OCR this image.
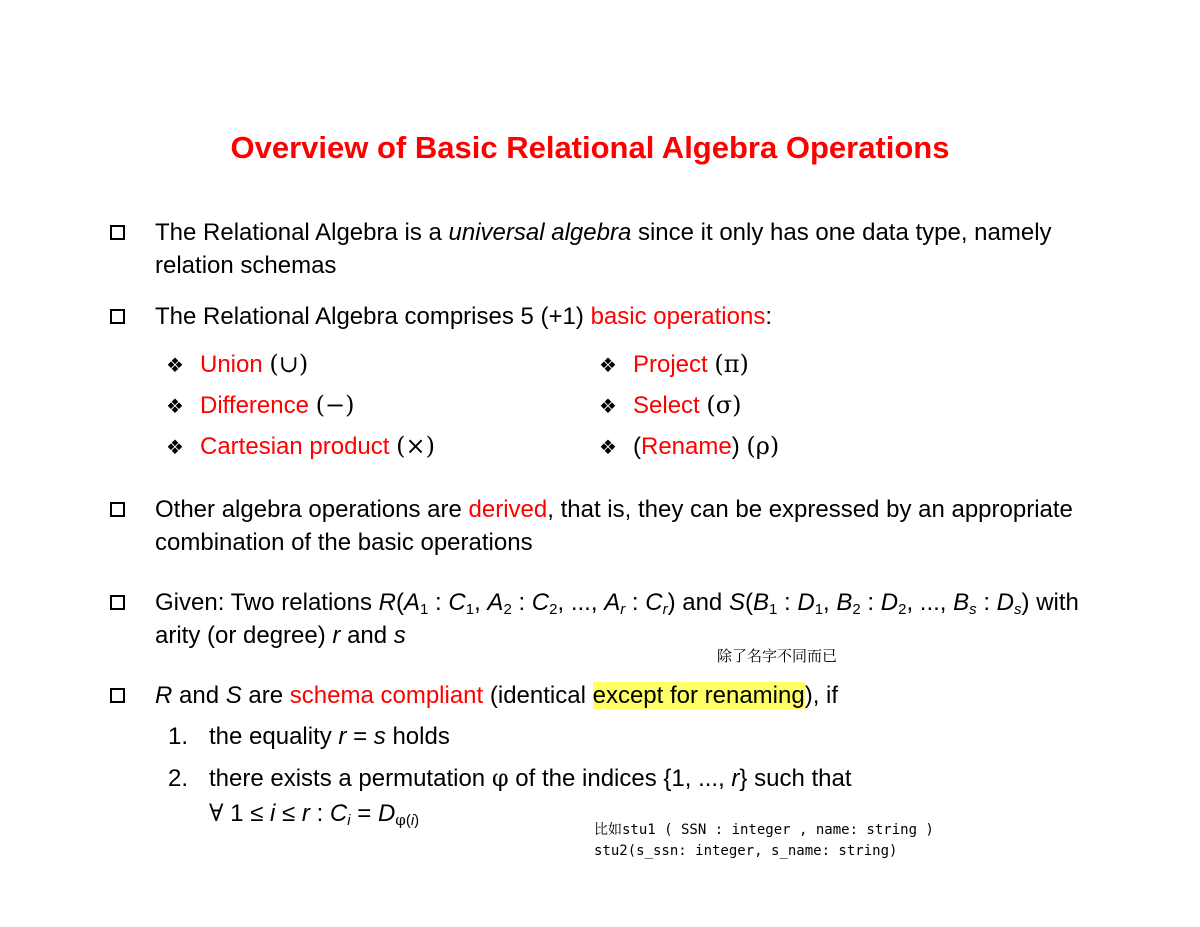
Overview of Basic Relational Algebra Operations
The Relational Algebra is a universal algebra since it only has one data type, namely relation schemas
The Relational Algebra comprises 5 (+1) basic operations:
❖ Union (∪)
❖ Difference (−)
❖ Cartesian product (×)
❖ Project (π)
❖ Select (σ)
❖ (Rename) (ρ)
Other algebra operations are derived, that is, they can be expressed by an appropriate combination of the basic operations
Given: Two relations $R(A_1$ : $C_1$, $A_2$ : $C_2$, ..., $A_r$ : $C_r$) and $S(B_1$ : $D_1$, $B_2$ : $D_2$, ..., $B_s$ : $D_s$) with arity (or degree) r and s
除了名字不同而已
R and S are schema compliant (identical except for renaming), if
1. the equality r = s holds
2. there exists a permutation φ of the indices {1, ..., r} such that
∀ 1 ≤ i ≤ r : $C_i = D_{\varphi(i)}$
比如stu1 ( SSN : integer , name: string )
stu2(s_ssn: integer, s_name: string)
